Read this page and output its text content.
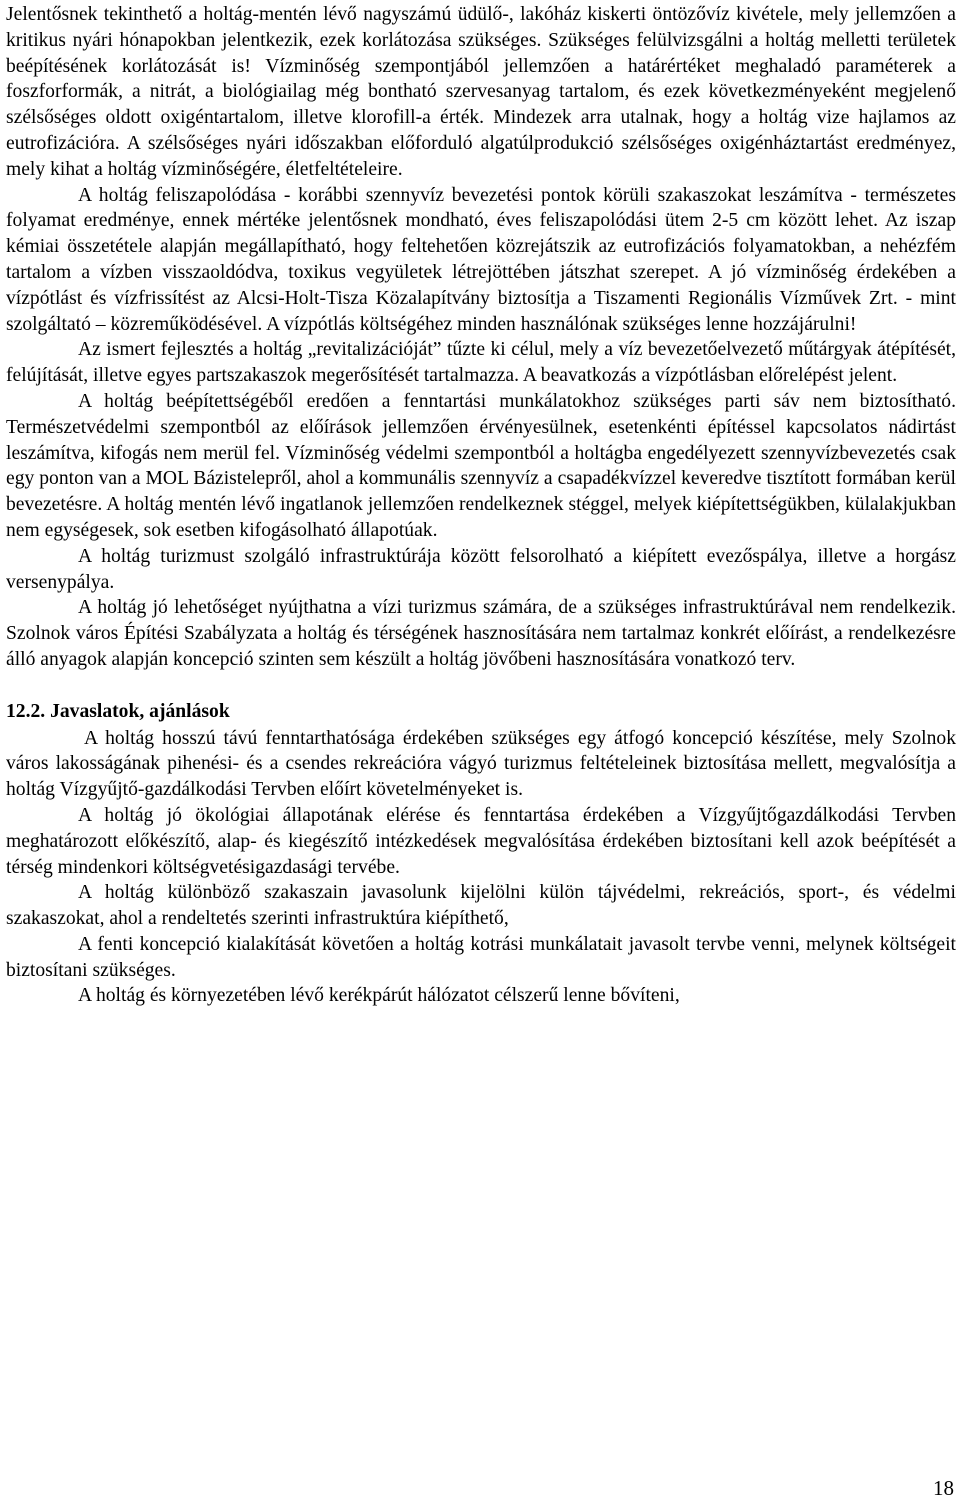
Jelentősnek tekinthető a holtág-mentén lévő nagyszámú üdülő-, lakóház kiskerti öntözővíz kivétele, mely jellemzően a kritikus nyári hónapokban jelentkezik, ezek korlátozása szükséges. Szükséges felülvizsgálni a holtág melletti területek beépítésének korlátozását is! Vízminőség szempontjából jellemzően a határértéket meghaladó paraméterek a foszforformák, a nitrát, a biológiailag még bontható szervesanyag tartalom, és ezek következményeként megjelenő szélsőséges oldott oxigéntartalom, illetve klorofill-a érték. Mindezek arra utalnak, hogy a holtág vize hajlamos az eutrofizációra. A szélsőséges nyári időszakban előforduló algatúlprodukció szélsőséges oxigénháztartást eredményez, mely kihat a holtág vízminőségére, életfeltételeire.

A holtág feliszapolódása - korábbi szennyvíz bevezetési pontok körüli szakaszokat leszámítva - természetes folyamat eredménye, ennek mértéke jelentősnek mondható, éves feliszapolódási ütem 2-5 cm között lehet. Az iszap kémiai összetétele alapján megállapítható, hogy feltehetően közrejátszik az eutrofizációs folyamatokban, a nehézfém tartalom a vízben visszaoldódva, toxikus vegyületek létrejöttében játszhat szerepet. A jó vízminőség érdekében a vízpótlást és vízfrissítést az Alcsi-Holt-Tisza Közalapítvány biztosítja a Tiszamenti Regionális Vízművek Zrt. - mint szolgáltató – közreműködésével. A vízpótlás költségéhez minden használónak szükséges lenne hozzájárulni!

Az ismert fejlesztés a holtág „revitalizációját” tűzte ki célul, mely a víz bevezetőelvezető műtárgyak átépítését, felújítását, illetve egyes partszakaszok megerősítését tartalmazza. A beavatkozás a vízpótlásban előrelépést jelent.

A holtág beépítettségéből eredően a fenntartási munkálatokhoz szükséges parti sáv nem biztosítható. Természetvédelmi szempontból az előírások jellemzően érvényesülnek, esetenkénti építéssel kapcsolatos nádirtást leszámítva, kifogás nem merül fel. Vízminőség védelmi szempontból a holtágba engedélyezett szennyvízbevezetés csak egy ponton van a MOL Bázistelepről, ahol a kommunális szennyvíz a csapadékvízzel keveredve tisztított formában kerül bevezetésre. A holtág mentén lévő ingatlanok jellemzően rendelkeznek stéggel, melyek kiépítettségükben, külalakjukban nem egységesek, sok esetben kifogásolható állapotúak.

A holtág turizmust szolgáló infrastruktúrája között felsorolható a kiépített evezőspálya, illetve a horgász versenypálya.

A holtág jó lehetőséget nyújthatna a vízi turizmus számára, de a szükséges infrastruktúrával nem rendelkezik. Szolnok város Építési Szabályzata a holtág és térségének hasznosítására nem tartalmaz konkrét előírást, a rendelkezésre álló anyagok alapján koncepció szinten sem készült a holtág jövőbeni hasznosítására vonatkozó terv.

12.2. Javaslatok, ajánlások

A holtág hosszú távú fenntarthatósága érdekében szükséges egy átfogó koncepció készítése, mely Szolnok város lakosságának pihenési- és a csendes rekreációra vágyó turizmus feltételeinek biztosítása mellett, megvalósítja a holtág Vízgyűjtő-gazdálkodási Tervben előírt követelményeket is.

A holtág jó ökológiai állapotának elérése és fenntartása érdekében a Vízgyűjtőgazdálkodási Tervben meghatározott előkészítő, alap- és kiegészítő intézkedések megvalósítása érdekében biztosítani kell azok beépítését a térség mindenkori költségvetésigazdasági tervébe.

A holtág különböző szakaszain javasolunk kijelölni külön tájvédelmi, rekreációs, sport-, és védelmi szakaszokat, ahol a rendeltetés szerinti infrastruktúra kiépíthető,

A fenti koncepció kialakítását követően a holtág kotrási munkálatait javasolt tervbe venni, melynek költségeit biztosítani szükséges.

A holtág és környezetében lévő kerékpárút hálózatot célszerű lenne bővíteni,

18
